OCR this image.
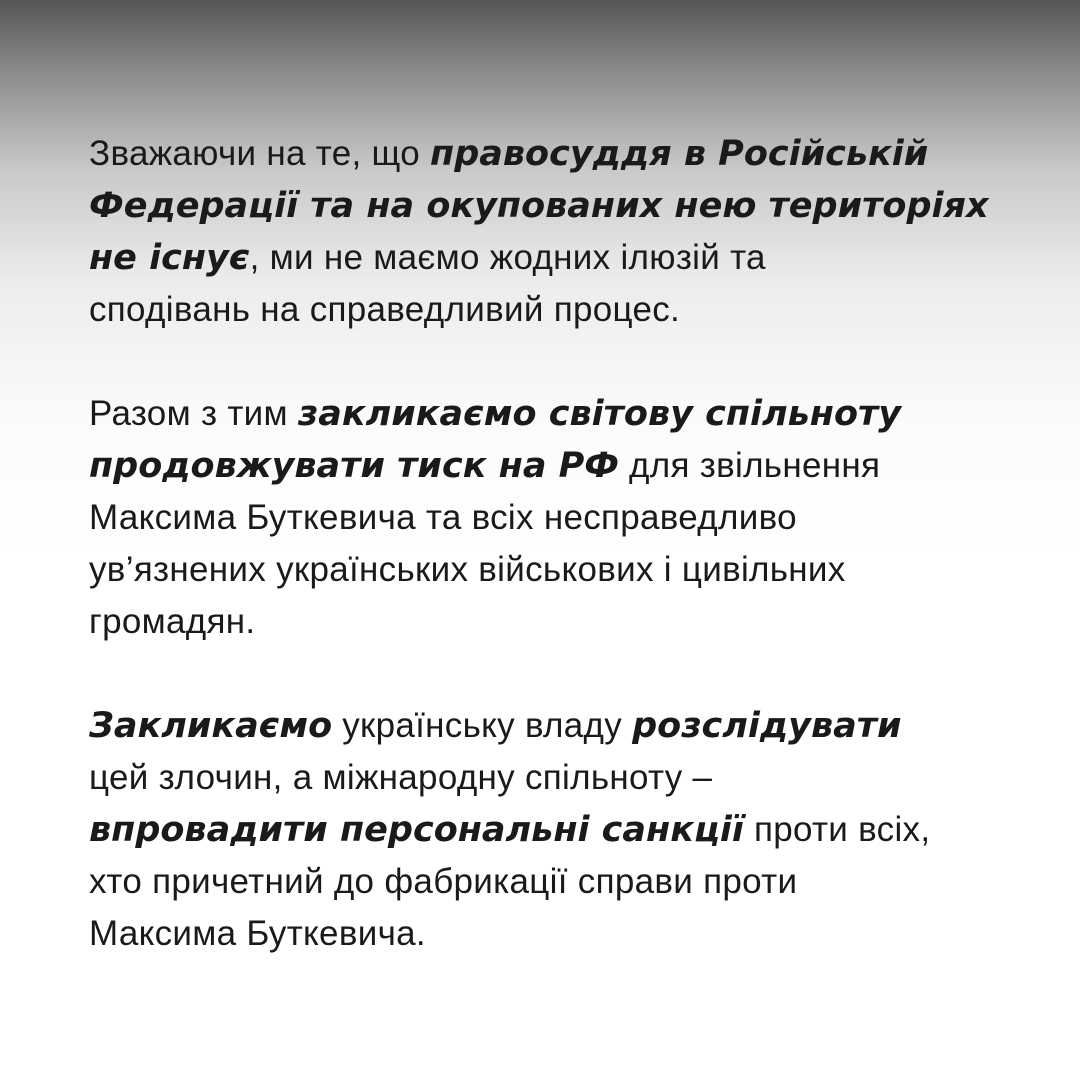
Зважаючи на те, що правосуддя в Російській
Федерації та на окупованих нею територіях
не існує, ми не маємо жодних ілюзій та
сподівань на справедливий процес.

Разом з тим закликаємо світову спільноту
продовжувати тиск на РФ для звільнення
Максима Буткевича та всіх несправедливо
ув’язнених українських військових і цивільних
громадян.

Закликаємо українську владу розслідувати
цей злочин, а міжнародну спільноту –
впровадити персональні санкції проти всіх,
хто причетний до фабрикації справи проти
Максима Буткевича.
